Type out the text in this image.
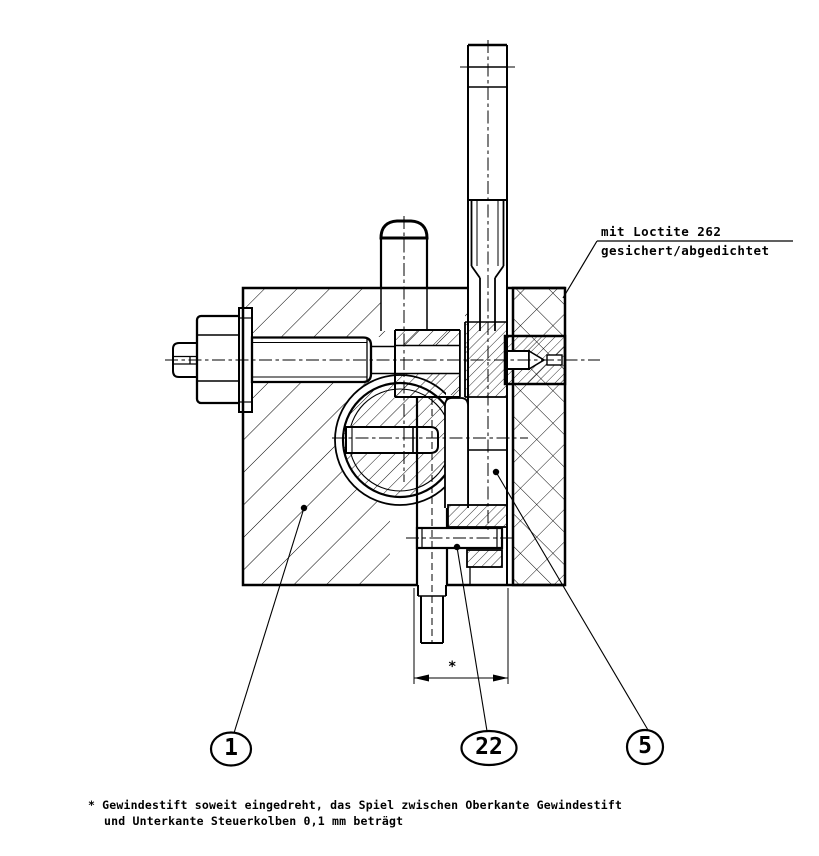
mit Loctite 262
gesichert/abgedichtet
1	22	5
*
* Gewindestift soweit eingedreht, das Spiel zwischen Oberkante Gewindestift
und Unterkante Steuerkolben 0,1 mm beträgt
